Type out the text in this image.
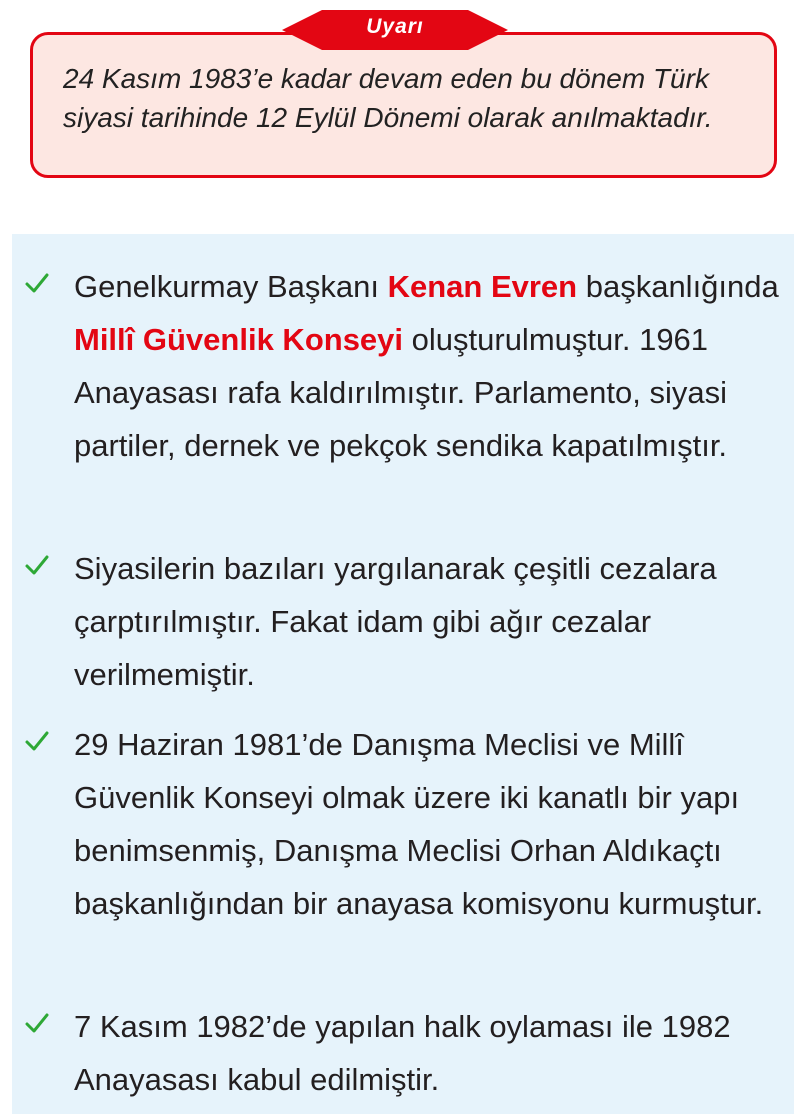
24 Kasım 1983’e kadar devam eden bu dönem Türk siyasi tarihinde 12 Eylül Dönemi olarak anılmaktadır.

Uyarı

Genelkurmay Başkanı Kenan Evren başkanlığında Millî Güvenlik Konseyi oluşturulmuştur. 1961 Anayasası rafa kaldırılmıştır. Parlamento, siyasi partiler, dernek ve pekçok sendika kapatılmıştır.

Siyasilerin bazıları yargılanarak çeşitli cezalara çarptırılmıştır. Fakat idam gibi ağır cezalar verilmemiştir.

29 Haziran 1981’de Danışma Meclisi ve Millî Güvenlik Konseyi olmak üzere iki kanatlı bir yapı benimsenmiş, Danışma Meclisi Orhan Aldıkaçtı başkanlığından bir anayasa komisyonu kurmuştur.

7 Kasım 1982’de yapılan halk oylaması ile 1982 Anayasası kabul edilmiştir.
